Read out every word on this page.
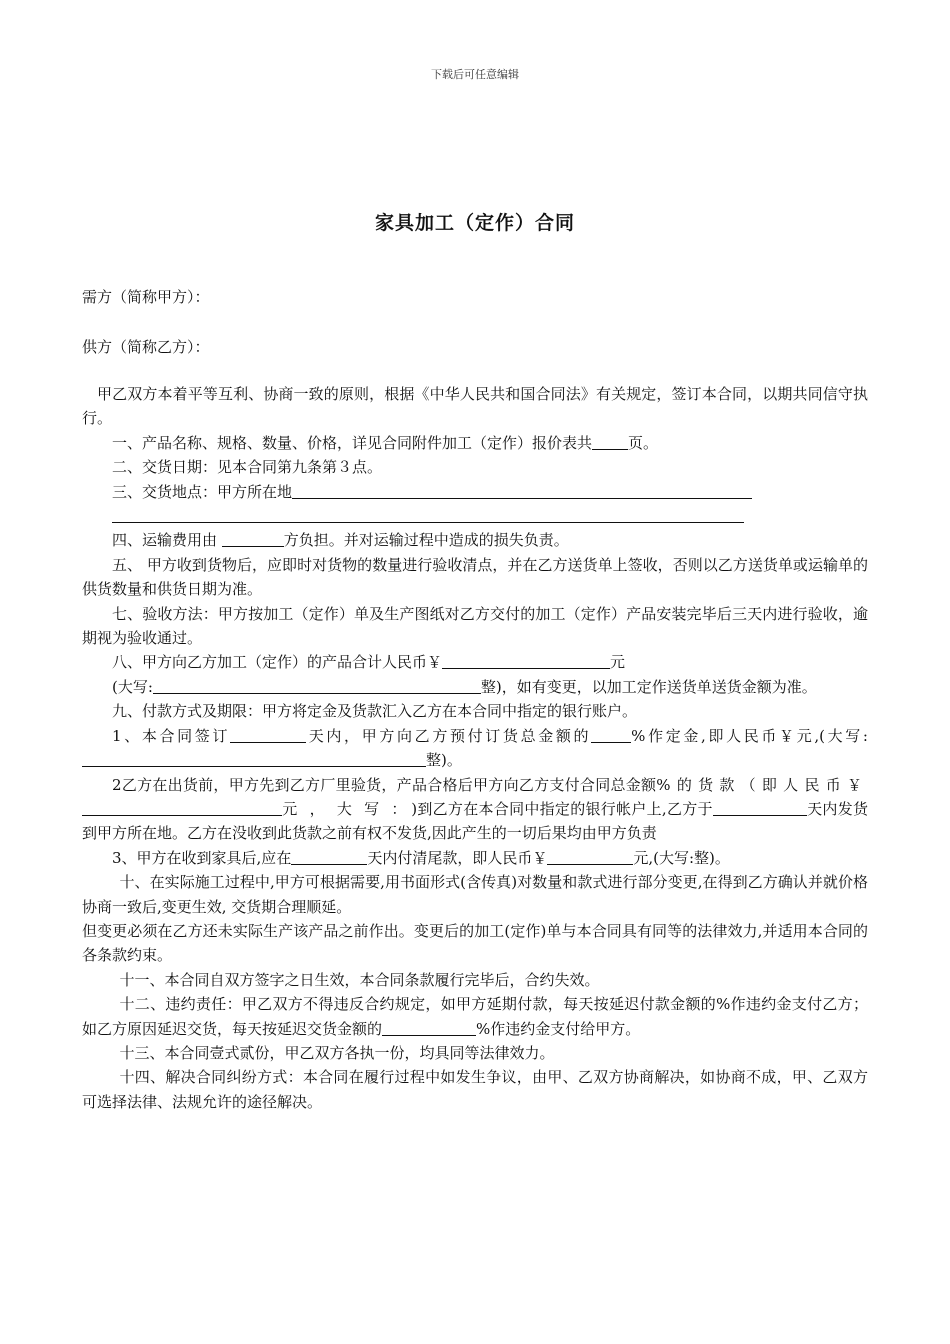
下载后可任意编辑
家具加工（定作）合同
需方（简称甲方）：
供方（简称乙方）：

甲乙双方本着平等互利、协商一致的原则，根据《中华人民共和国合同法》有关规定，签订本合同，以期共同信守执行。

一、产品名称、规格、数量、价格，详见合同附件加工（定作）报价表共 页。

二、交货日期：见本合同第九条第３点。

三、交货地点：甲方所在地

四、运输费用由	方负担。并对运输过程中造成的损失负责。

五、 甲方收到货物后，应即时对货物的数量进行验收清点，并在乙方送货单上签收，否则以乙方送货单或运输单的供货数量和供货日期为准。

七、验收方法：甲方按加工（定作）单及生产图纸对乙方交付的加工（定作）产品安装完毕后三天内进行验收，逾期视为验收通过。

八、甲方向乙方加工（定作）的产品合计人民币￥	元

(大写:	整)，如有变更，以加工定作送货单送货金额为准。

九、付款方式及期限：甲方将定金及货款汇入乙方在本合同中指定的银行账户。

1、本合同签订	天内，甲方向乙方预付订货总金额的	%作定金,即人民币￥元,(大写:整)。

2乙方在出货前，甲方先到乙方厂里验货，产品合格后甲方向乙方支付合同总金额%的货款（即人民币￥元，大写：)到乙方在本合同中指定的银行帐户上,乙方于	天内发货到甲方所在地。乙方在没收到此货款之前有权不发货,因此产生的一切后果均由甲方负责

3、甲方在收到家具后,应在	天内付清尾款，即人民币￥	元,(大写:整)。

十、在实际施工过程中,甲方可根据需要,用书面形式(含传真)对数量和款式进行部分变更,在得到乙方确认并就价格协商一致后,变更生效, 交货期合理顺延。

但变更必须在乙方还未实际生产该产品之前作出。变更后的加工(定作)单与本合同具有同等的法律效力,并适用本合同的各条款约束。

十一、本合同自双方签字之日生效，本合同条款履行完毕后，合约失效。

十二、违约责任：甲乙双方不得违反合约规定，如甲方延期付款，每天按延迟付款金额的%作违约金支付乙方；如乙方原因延迟交货，每天按延迟交货金额的	%作违约金支付给甲方。

十三、本合同壹式贰份，甲乙双方各执一份，均具同等法律效力。

十四、解决合同纠纷方式：本合同在履行过程中如发生争议，由甲、乙双方协商解决，如协商不成，甲、乙双方可选择法律、法规允许的途径解决。
